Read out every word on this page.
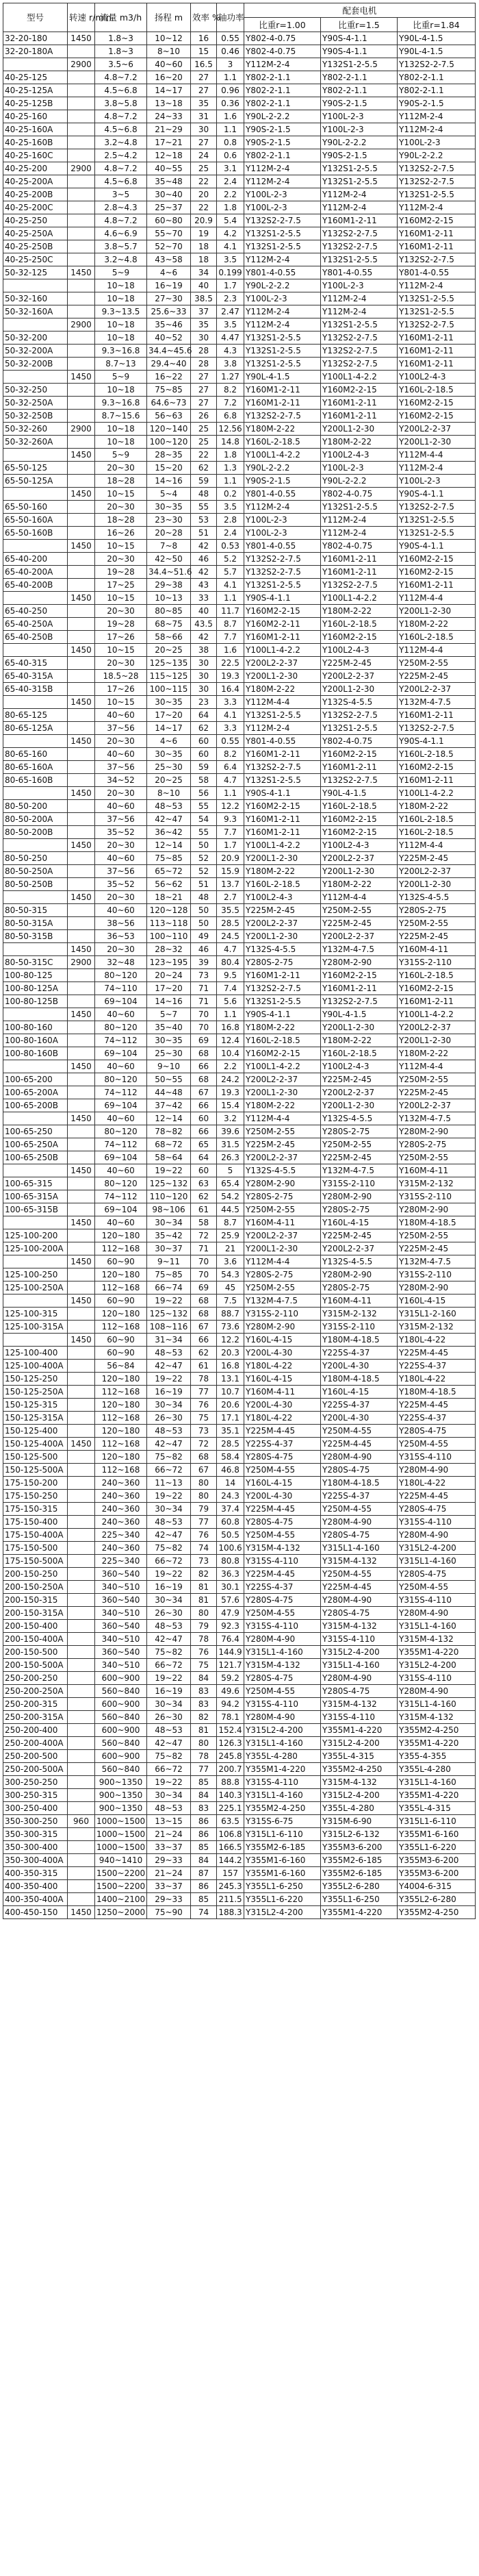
型号	转速 r/min	流量 m3/h	扬程 m	效率 %	轴功率	配套电机		
						比重r=1.00	比重r=1.5	比重r=1.84
32-20-180	1450	1.8~3	10~12	16	0.55	Y802-4-0.75	Y90S-4-1.1	Y90L-4-1.5
32-20-180A		1.8~3	8~10	15	0.46	Y802-4-0.75	Y90S-4-1.1	Y90L-4-1.5
	2900	3.5~6	40~60	16.5	3	Y112M-2-4	Y132S1-2-5.5	Y132S2-2-7.5
40-25-125		4.8~7.2	16~20	27	1.1	Y802-2-1.1	Y802-2-1.1	Y802-2-1.1
40-25-125A		4.5~6.8	14~17	27	0.96	Y802-2-1.1	Y802-2-1.1	Y802-2-1.1
40-25-125B		3.8~5.8	13~18	35	0.36	Y802-2-1.1	Y90S-2-1.5	Y90S-2-1.5
40-25-160		4.8~7.2	24~33	31	1.6	Y90L-2-2.2	Y100L-2-3	Y112M-2-4
40-25-160A		4.5~6.8	21~29	30	1.1	Y90S-2-1.5	Y100L-2-3	Y112M-2-4
40-25-160B		3.2~4.8	17~21	27	0.8	Y90S-2-1.5	Y90L-2-2.2	Y100L-2-3
40-25-160C		2.5~4.2	12~18	24	0.6	Y802-2-1.1	Y90S-2-1.5	Y90L-2-2.2
40-25-200	2900	4.8~7.2	40~55	25	3.1	Y112M-2-4	Y132S1-2-5.5	Y132S2-2-7.5
40-25-200A		4.5~6.8	35~48	22	2.4	Y112M-2-4	Y132S1-2-5.5	Y132S2-2-7.5
40-25-200B		3~5	30~40	20	2.2	Y100L-2-3	Y112M-2-4	Y132S1-2-5.5
40-25-200C		2.8~4.3	25~37	22	1.8	Y100L-2-3	Y112M-2-4	Y112M-2-4
40-25-250		4.8~7.2	60~80	20.9	5.4	Y132S2-2-7.5	Y160M1-2-11	Y160M2-2-15
40-25-250A		4.6~6.9	55~70	19	4.2	Y132S1-2-5.5	Y132S2-2-7.5	Y160M1-2-11
40-25-250B		3.8~5.7	52~70	18	4.1	Y132S1-2-5.5	Y132S2-2-7.5	Y160M1-2-11
40-25-250C		3.2~4.8	43~58	18	3.5	Y112M-2-4	Y132S1-2-5.5	Y132S2-2-7.5
50-32-125	1450	5~9	4~6	34	0.199	Y801-4-0.55	Y801-4-0.55	Y801-4-0.55
		10~18	16~19	40	1.7	Y90L-2-2.2	Y100L-2-3	Y112M-2-4
50-32-160		10~18	27~30	38.5	2.3	Y100L-2-3	Y112M-2-4	Y132S1-2-5.5
50-32-160A		9.3~13.5	25.6~33	37	2.47	Y112M-2-4	Y112M-2-4	Y132S1-2-5.5
	2900	10~18	35~46	35	3.5	Y112M-2-4	Y132S1-2-5.5	Y132S2-2-7.5
50-32-200		10~18	40~52	30	4.47	Y132S1-2-5.5	Y132S2-2-7.5	Y160M1-2-11
50-32-200A		9.3~16.8	34.4~45.6	28	4.3	Y132S1-2-5.5	Y132S2-2-7.5	Y160M1-2-11
50-32-200B		8.7~13	29.4~40	28	3.8	Y132S1-2-5.5	Y132S2-2-7.5	Y160M1-2-11
	1450	5~9	16~22	27	1.27	Y90L-4-1.5	Y100L1-4-2.2	Y100L2-4-3
50-32-250		10~18	75~85	27	8.2	Y160M1-2-11	Y160M2-2-15	Y160L-2-18.5
50-32-250A		9.3~16.8	64.6~73	27	7.2	Y160M1-2-11	Y160M1-2-11	Y160M2-2-15
50-32-250B		8.7~15.6	56~63	26	6.8	Y132S2-2-7.5	Y160M1-2-11	Y160M2-2-15
50-32-260	2900	10~18	120~140	25	12.56	Y180M-2-22	Y200L1-2-30	Y200L2-2-37
50-32-260A		10~18	100~120	25	14.8	Y160L-2-18.5	Y180M-2-22	Y200L1-2-30
	1450	5~9	28~35	22	1.8	Y100L1-4-2.2	Y100L2-4-3	Y112M-4-4
65-50-125		20~30	15~20	62	1.3	Y90L-2-2.2	Y100L-2-3	Y112M-2-4
65-50-125A		18~28	14~16	59	1.1	Y90S-2-1.5	Y90L-2-2.2	Y100L-2-3
	1450	10~15	5~4	48	0.2	Y801-4-0.55	Y802-4-0.75	Y90S-4-1.1
65-50-160		20~30	30~35	55	3.5	Y112M-2-4	Y132S1-2-5.5	Y132S2-2-7.5
65-50-160A		18~28	23~30	53	2.8	Y100L-2-3	Y112M-2-4	Y132S1-2-5.5
65-50-160B		16~26	20~28	51	2.4	Y100L-2-3	Y112M-2-4	Y132S1-2-5.5
	1450	10~15	7~8	42	0.53	Y801-4-0.55	Y802-4-0.75	Y90S-4-1.1
65-40-200		20~30	42~50	46	5.2	Y132S2-2-7.5	Y160M1-2-11	Y160M2-2-15
65-40-200A		19~28	34.4~51.6	42	5.7	Y132S2-2-7.5	Y160M1-2-11	Y160M2-2-15
65-40-200B		17~25	29~38	43	4.1	Y132S1-2-5.5	Y132S2-2-7.5	Y160M1-2-11
	1450	10~15	10~13	33	1.1	Y90S-4-1.1	Y100L1-4-2.2	Y112M-4-4
65-40-250		20~30	80~85	40	11.7	Y160M2-2-15	Y180M-2-22	Y200L1-2-30
65-40-250A		19~28	68~75	43.5	8.7	Y160M2-2-11	Y160L-2-18.5	Y180M-2-22
65-40-250B		17~26	58~66	42	7.7	Y160M1-2-11	Y160M2-2-15	Y160L-2-18.5
	1450	10~15	20~25	38	1.6	Y100L1-4-2.2	Y100L2-4-3	Y112M-4-4
65-40-315		20~30	125~135	30	22.5	Y200L2-2-37	Y225M-2-45	Y250M-2-55
65-40-315A		18.5~28	115~125	30	19.3	Y200L1-2-30	Y200L2-2-37	Y225M-2-45
65-40-315B		17~26	100~115	30	16.4	Y180M-2-22	Y200L1-2-30	Y200L2-2-37
	1450	10~15	30~35	23	3.3	Y112M-4-4	Y132S-4-5.5	Y132M-4-7.5
80-65-125		40~60	17~20	64	4.1	Y132S1-2-5.5	Y132S2-2-7.5	Y160M1-2-11
80-65-125A		37~56	14~17	62	3.3	Y112M-2-4	Y132S1-2-5.5	Y132S2-2-7.5
	1450	20~30	4~6	60	0.55	Y801-4-0.55	Y802-4-0.75	Y90S-4-1.1
80-65-160		40~60	30~35	60	8.2	Y160M1-2-11	Y160M2-2-15	Y160L-2-18.5
80-65-160A		37~56	25~30	59	6.4	Y132S2-2-7.5	Y160M1-2-11	Y160M2-2-15
80-65-160B		34~52	20~25	58	4.7	Y132S1-2-5.5	Y132S2-2-7.5	Y160M1-2-11
	1450	20~30	8~10	56	1.1	Y90S-4-1.1	Y90L-4-1.5	Y100L1-4-2.2
80-50-200		40~60	48~53	55	12.2	Y160M2-2-15	Y160L-2-18.5	Y180M-2-22
80-50-200A		37~56	42~47	54	9.3	Y160M1-2-11	Y160M2-2-15	Y160L-2-18.5
80-50-200B		35~52	36~42	55	7.7	Y160M1-2-11	Y160M2-2-15	Y160L-2-18.5
	1450	20~30	12~14	50	1.7	Y100L1-4-2.2	Y100L2-4-3	Y112M-4-4
80-50-250		40~60	75~85	52	20.9	Y200L1-2-30	Y200L2-2-37	Y225M-2-45
80-50-250A		37~56	65~72	52	15.9	Y180M-2-22	Y200L1-2-30	Y200L2-2-37
80-50-250B		35~52	56~62	51	13.7	Y160L-2-18.5	Y180M-2-22	Y200L1-2-30
	1450	20~30	18~21	48	2.7	Y100L2-4-3	Y112M-4-4	Y132S-4-5.5
80-50-315		40~60	120~128	50	35.5	Y225M-2-45	Y250M-2-55	Y280S-2-75
80-50-315A		38~56	113~118	50	28.5	Y200L2-2-37	Y225M-2-45	Y250M-2-55
80-50-315B		36~53	100~110	49	24.5	Y200L1-2-30	Y200L2-2-37	Y225M-2-45
	1450	20~30	28~32	46	4.7	Y132S-4-5.5	Y132M-4-7.5	Y160M-4-11
80-50-315C	2900	32~48	123~195	39	80.4	Y280S-2-75	Y280M-2-90	Y315S-2-110
100-80-125		80~120	20~24	73	9.5	Y160M1-2-11	Y160M2-2-15	Y160L-2-18.5
100-80-125A		74~110	17~20	71	7.4	Y132S2-2-7.5	Y160M1-2-11	Y160M2-2-15
100-80-125B		69~104	14~16	71	5.6	Y132S1-2-5.5	Y132S2-2-7.5	Y160M1-2-11
	1450	40~60	5~7	70	1.1	Y90S-4-1.1	Y90L-4-1.5	Y100L1-4-2.2
100-80-160		80~120	35~40	70	16.8	Y180M-2-22	Y200L1-2-30	Y200L2-2-37
100-80-160A		74~112	30~35	69	12.4	Y160L-2-18.5	Y180M-2-22	Y200L1-2-30
100-80-160B		69~104	25~30	68	10.4	Y160M2-2-15	Y160L-2-18.5	Y180M-2-22
	1450	40~60	9~10	66	2.2	Y100L1-4-2.2	Y100L2-4-3	Y112M-4-4
100-65-200		80~120	50~55	68	24.2	Y200L2-2-37	Y225M-2-45	Y250M-2-55
100-65-200A		74~112	44~48	67	19.3	Y200L1-2-30	Y200L2-2-37	Y225M-2-45
100-65-200B		69~104	37~42	66	15.4	Y180M-2-22	Y200L1-2-30	Y200L2-2-37
	1450	40~60	12~14	60	3.2	Y112M-4-4	Y132S-4-5.5	Y132M-4-7.5
100-65-250		80~120	78~82	66	39.6	Y250M-2-55	Y280S-2-75	Y280M-2-90
100-65-250A		74~112	68~72	65	31.5	Y225M-2-45	Y250M-2-55	Y280S-2-75
100-65-250B		69~104	58~64	64	26.3	Y200L2-2-37	Y225M-2-45	Y250M-2-55
	1450	40~60	19~22	60	5	Y132S-4-5.5	Y132M-4-7.5	Y160M-4-11
100-65-315		80~120	125~132	63	65.4	Y280M-2-90	Y315S-2-110	Y315M-2-132
100-65-315A		74~112	110~120	62	54.2	Y280S-2-75	Y280M-2-90	Y315S-2-110
100-65-315B		69~104	98~106	61	44.5	Y250M-2-55	Y280S-2-75	Y280M-2-90
	1450	40~60	30~34	58	8.7	Y160M-4-11	Y160L-4-15	Y180M-4-18.5
125-100-200		120~180	35~42	72	25.9	Y200L2-2-37	Y225M-2-45	Y250M-2-55
125-100-200A		112~168	30~37	71	21	Y200L1-2-30	Y200L2-2-37	Y225M-2-45
	1450	60~90	9~11	70	3.6	Y112M-4-4	Y132S-4-5.5	Y132M-4-7.5
125-100-250		120~180	75~85	70	54.3	Y280S-2-75	Y280M-2-90	Y315S-2-110
125-100-250A		112~168	66~74	69	45	Y250M-2-55	Y280S-2-75	Y280M-2-90
	1450	60~90	19~22	68	7.5	Y132M-4-7.5	Y160M-4-11	Y160L-4-15
125-100-315		120~180	125~132	68	88.7	Y315S-2-110	Y315M-2-132	Y315L1-2-160
125-100-315A		112~168	108~116	67	73.6	Y280M-2-90	Y315S-2-110	Y315M-2-132
	1450	60~90	31~34	66	12.2	Y160L-4-15	Y180M-4-18.5	Y180L-4-22
125-100-400		60~90	48~53	62	20.3	Y200L-4-30	Y225S-4-37	Y225M-4-45
125-100-400A		56~84	42~47	61	16.8	Y180L-4-22	Y200L-4-30	Y225S-4-37
150-125-250		120~180	19~22	78	13.1	Y160L-4-15	Y180M-4-18.5	Y180L-4-22
150-125-250A		112~168	16~19	77	10.7	Y160M-4-11	Y160L-4-15	Y180M-4-18.5
150-125-315		120~180	30~34	76	20.6	Y200L-4-30	Y225S-4-37	Y225M-4-45
150-125-315A		112~168	26~30	75	17.1	Y180L-4-22	Y200L-4-30	Y225S-4-37
150-125-400		120~180	48~53	73	35.1	Y225M-4-45	Y250M-4-55	Y280S-4-75
150-125-400A	1450	112~168	42~47	72	28.5	Y225S-4-37	Y225M-4-45	Y250M-4-55
150-125-500		120~180	75~82	68	58.4	Y280S-4-75	Y280M-4-90	Y315S-4-110
150-125-500A		112~168	66~72	67	46.8	Y250M-4-55	Y280S-4-75	Y280M-4-90
175-150-200		240~360	11~13	80	14	Y160L-4-15	Y180M-4-18.5	Y180L-4-22
175-150-250		240~360	19~22	80	24.3	Y200L-4-30	Y225S-4-37	Y225M-4-45
175-150-315		240~360	30~34	79	37.4	Y225M-4-45	Y250M-4-55	Y280S-4-75
175-150-400		240~360	48~53	77	60.8	Y280S-4-75	Y280M-4-90	Y315S-4-110
175-150-400A		225~340	42~47	76	50.5	Y250M-4-55	Y280S-4-75	Y280M-4-90
175-150-500		240~360	75~82	74	100.6	Y315M-4-132	Y315L1-4-160	Y315L2-4-200
175-150-500A		225~340	66~72	73	80.8	Y315S-4-110	Y315M-4-132	Y315L1-4-160
200-150-250		360~540	19~22	82	36.3	Y225M-4-45	Y250M-4-55	Y280S-4-75
200-150-250A		340~510	16~19	81	30.1	Y225S-4-37	Y225M-4-45	Y250M-4-55
200-150-315		360~540	30~34	81	57.6	Y280S-4-75	Y280M-4-90	Y315S-4-110
200-150-315A		340~510	26~30	80	47.9	Y250M-4-55	Y280S-4-75	Y280M-4-90
200-150-400		360~540	48~53	79	92.3	Y315S-4-110	Y315M-4-132	Y315L1-4-160
200-150-400A		340~510	42~47	78	76.4	Y280M-4-90	Y315S-4-110	Y315M-4-132
200-150-500		360~540	75~82	76	144.9	Y315L1-4-160	Y315L2-4-200	Y355M1-4-220
200-150-500A		340~510	66~72	75	121.7	Y315M-4-132	Y315L1-4-160	Y315L2-4-200
250-200-250		600~900	19~22	84	59.2	Y280S-4-75	Y280M-4-90	Y315S-4-110
250-200-250A		560~840	16~19	83	49.6	Y250M-4-55	Y280S-4-75	Y280M-4-90
250-200-315		600~900	30~34	83	94.2	Y315S-4-110	Y315M-4-132	Y315L1-4-160
250-200-315A		560~840	26~30	82	78.1	Y280M-4-90	Y315S-4-110	Y315M-4-132
250-200-400		600~900	48~53	81	152.4	Y315L2-4-200	Y355M1-4-220	Y355M2-4-250
250-200-400A		560~840	42~47	80	126.3	Y315L1-4-160	Y315L2-4-200	Y355M1-4-220
250-200-500		600~900	75~82	78	245.8	Y355L-4-280	Y355L-4-315	Y355-4-355
250-200-500A		560~840	66~72	77	200.7	Y355M1-4-220	Y355M2-4-250	Y355L-4-280
300-250-250		900~1350	19~22	85	88.8	Y315S-4-110	Y315M-4-132	Y315L1-4-160
300-250-315		900~1350	30~34	84	140.3	Y315L1-4-160	Y315L2-4-200	Y355M1-4-220
300-250-400		900~1350	48~53	83	225.1	Y355M2-4-250	Y355L-4-280	Y355L-4-315
350-300-250	960	1000~1500	13~15	86	63.5	Y315S-6-75	Y315M-6-90	Y315L1-6-110
350-300-315		1000~1500	21~24	86	106.8	Y315L1-6-110	Y315L2-6-132	Y355M1-6-160
350-300-400		1000~1500	33~37	85	166.5	Y355M2-6-185	Y355M3-6-200	Y355L1-6-220
350-300-400A		940~1410	29~33	84	144.2	Y355M1-6-160	Y355M2-6-185	Y355M3-6-200
400-350-315		1500~2200	21~24	87	157	Y355M1-6-160	Y355M2-6-185	Y355M3-6-200
400-350-400		1500~2200	33~37	86	245.3	Y355L1-6-250	Y355L2-6-280	Y4004-6-315
400-350-400A		1400~2100	29~33	85	211.5	Y355L1-6-220	Y355L1-6-250	Y355L2-6-280
400-450-150	1450	1250~2000	75~90	74	188.3	Y315L2-4-200	Y355M1-4-220	Y355M2-4-250
